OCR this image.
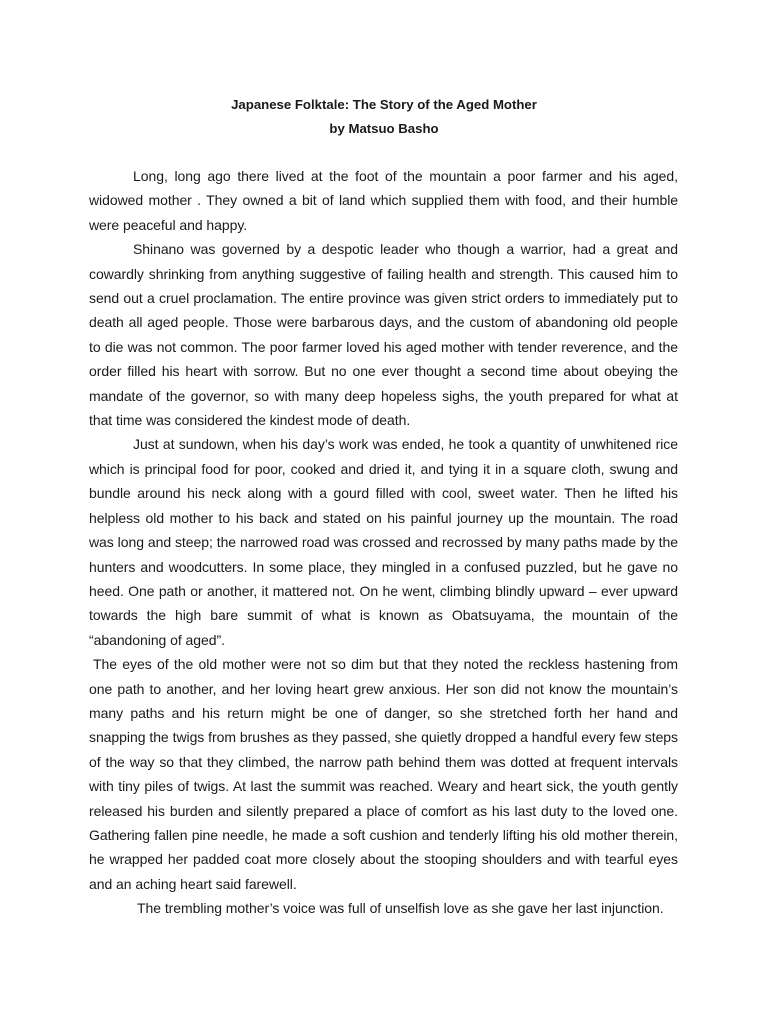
Japanese Folktale: The Story of the Aged Mother
by Matsuo Basho

Long, long ago there lived at the foot of the mountain a poor farmer and his aged, widowed mother . They owned a bit of land which supplied them with food, and their humble were peaceful and happy.

Shinano was governed by a despotic leader who though a warrior, had a great and cowardly shrinking from anything suggestive of failing health and strength. This caused him to send out a cruel proclamation. The entire province was given strict orders to immediately put to death all aged people. Those were barbarous days, and the custom of abandoning old people to die was not common. The poor farmer loved his aged mother with tender reverence, and the order filled his heart with sorrow. But no one ever thought a second time about obeying the mandate of the governor, so with many deep hopeless sighs, the youth prepared for what at that time was considered the kindest mode of death.

Just at sundown, when his day’s work was ended, he took a quantity of unwhitened rice which is principal food for poor, cooked and dried it, and tying it in a square cloth, swung and bundle around his neck along with a gourd filled with cool, sweet water. Then he lifted his helpless old mother to his back and stated on his painful journey up the mountain. The road was long and steep; the narrowed road was crossed and recrossed by many paths made by the hunters and woodcutters. In some place, they mingled in a confused puzzled, but he gave no heed. One path or another, it mattered not. On he went, climbing blindly upward – ever upward towards the high bare summit of what is known as Obatsuyama, the mountain of the “abandoning of aged”.

The eyes of the old mother were not so dim but that they noted the reckless hastening from one path to another, and her loving heart grew anxious. Her son did not know the mountain’s many paths and his return might be one of danger, so she stretched forth her hand and snapping the twigs from brushes as they passed, she quietly dropped a handful every few steps of the way so that they climbed, the narrow path behind them was dotted at frequent intervals with tiny piles of twigs. At last the summit was reached. Weary and heart sick, the youth gently released his burden and silently prepared a place of comfort as his last duty to the loved one. Gathering fallen pine needle, he made a soft cushion and tenderly lifting his old mother therein, he wrapped her padded coat more closely about the stooping shoulders and with tearful eyes and an aching heart said farewell.

The trembling mother’s voice was full of unselfish love as she gave her last injunction.
